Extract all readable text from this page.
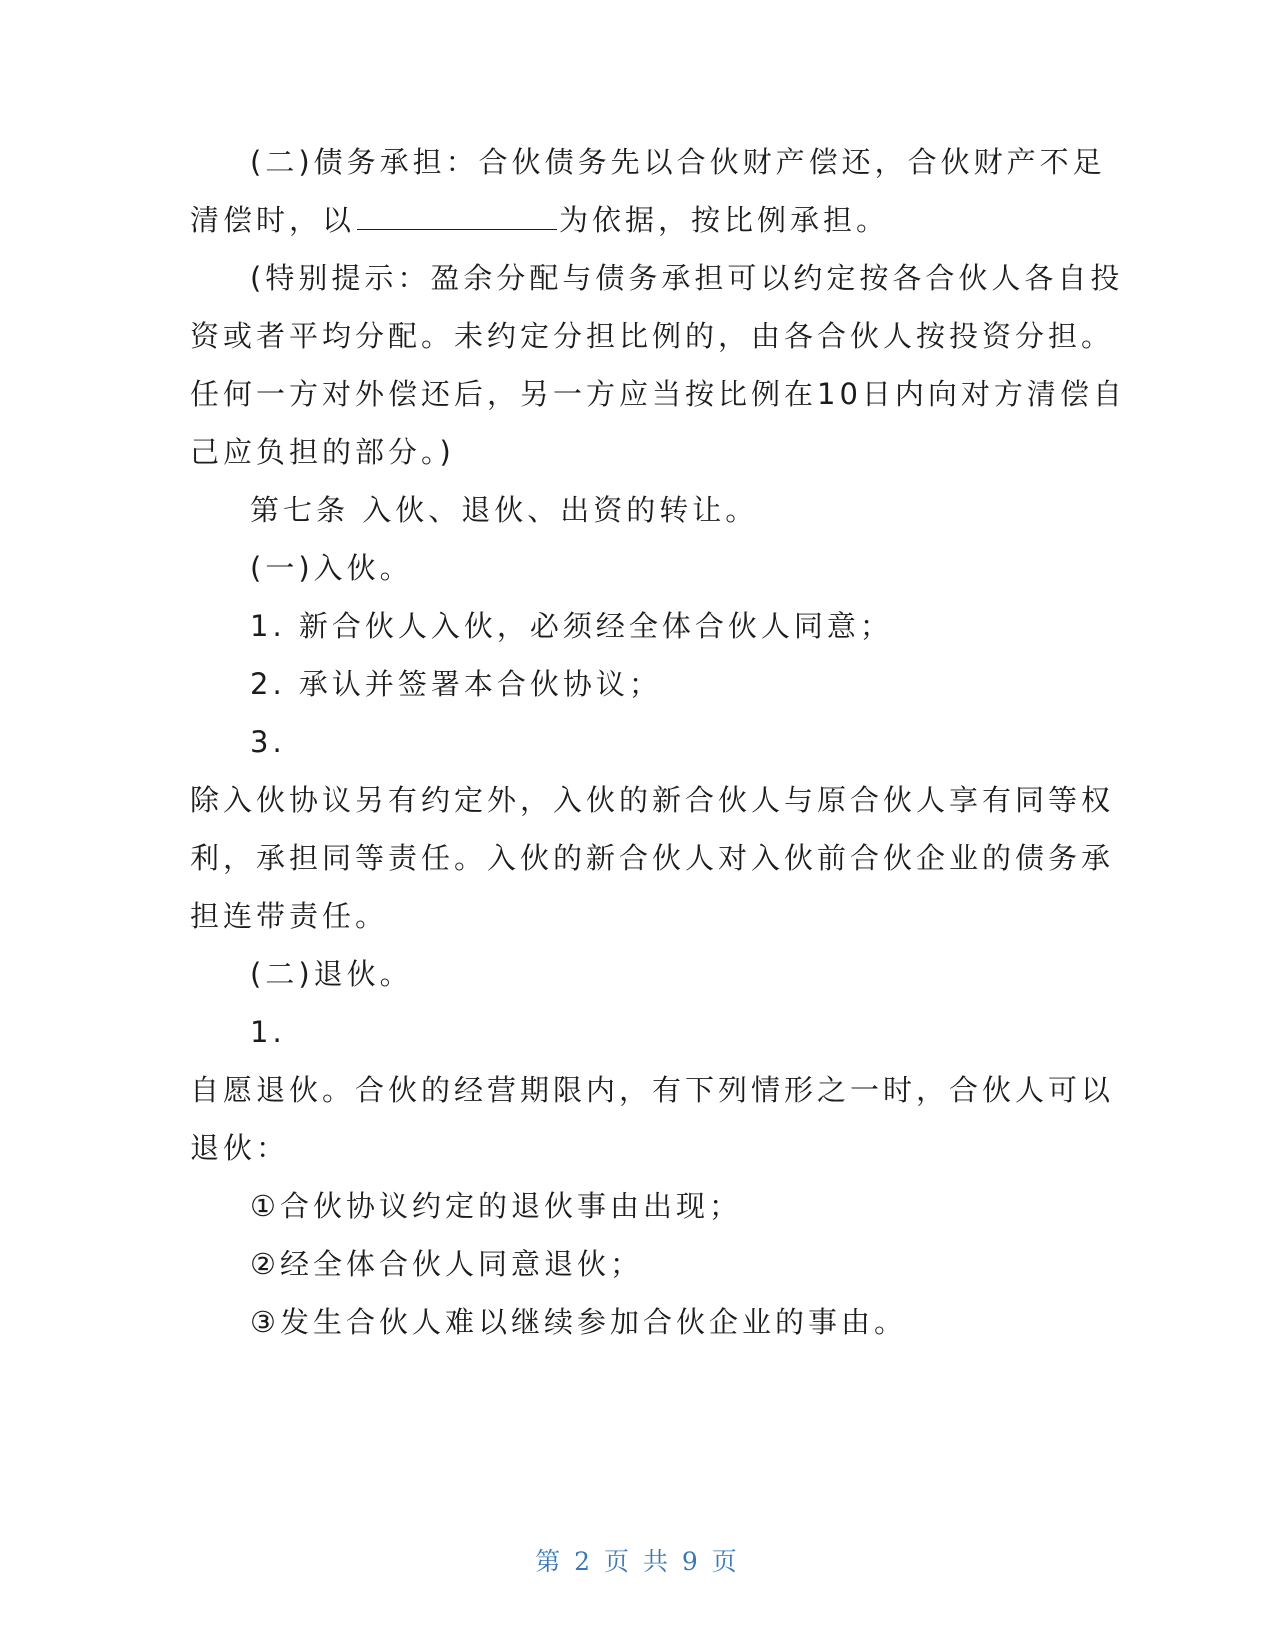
(二)债务承担：合伙债务先以合伙财产偿还，合伙财产不足
清偿时，以	为依据，按比例承担。
(特别提示：盈余分配与债务承担可以约定按各合伙人各自投
资或者平均分配。未约定分担比例的，由各合伙人按投资分担。
任何一方对外偿还后，另一方应当按比例在10日内向对方清偿自
己应负担的部分。)
第七条 入伙、退伙、出资的转让。
(一)入伙。
1. 新合伙人入伙，必须经全体合伙人同意；
2. 承认并签署本合伙协议；
3.
除入伙协议另有约定外，入伙的新合伙人与原合伙人享有同等权
利，承担同等责任。入伙的新合伙人对入伙前合伙企业的债务承
担连带责任。
(二)退伙。
1.
自愿退伙。合伙的经营期限内，有下列情形之一时，合伙人可以
退伙：
①合伙协议约定的退伙事由出现；
②经全体合伙人同意退伙；
③发生合伙人难以继续参加合伙企业的事由。
第 2 页 共 9 页
